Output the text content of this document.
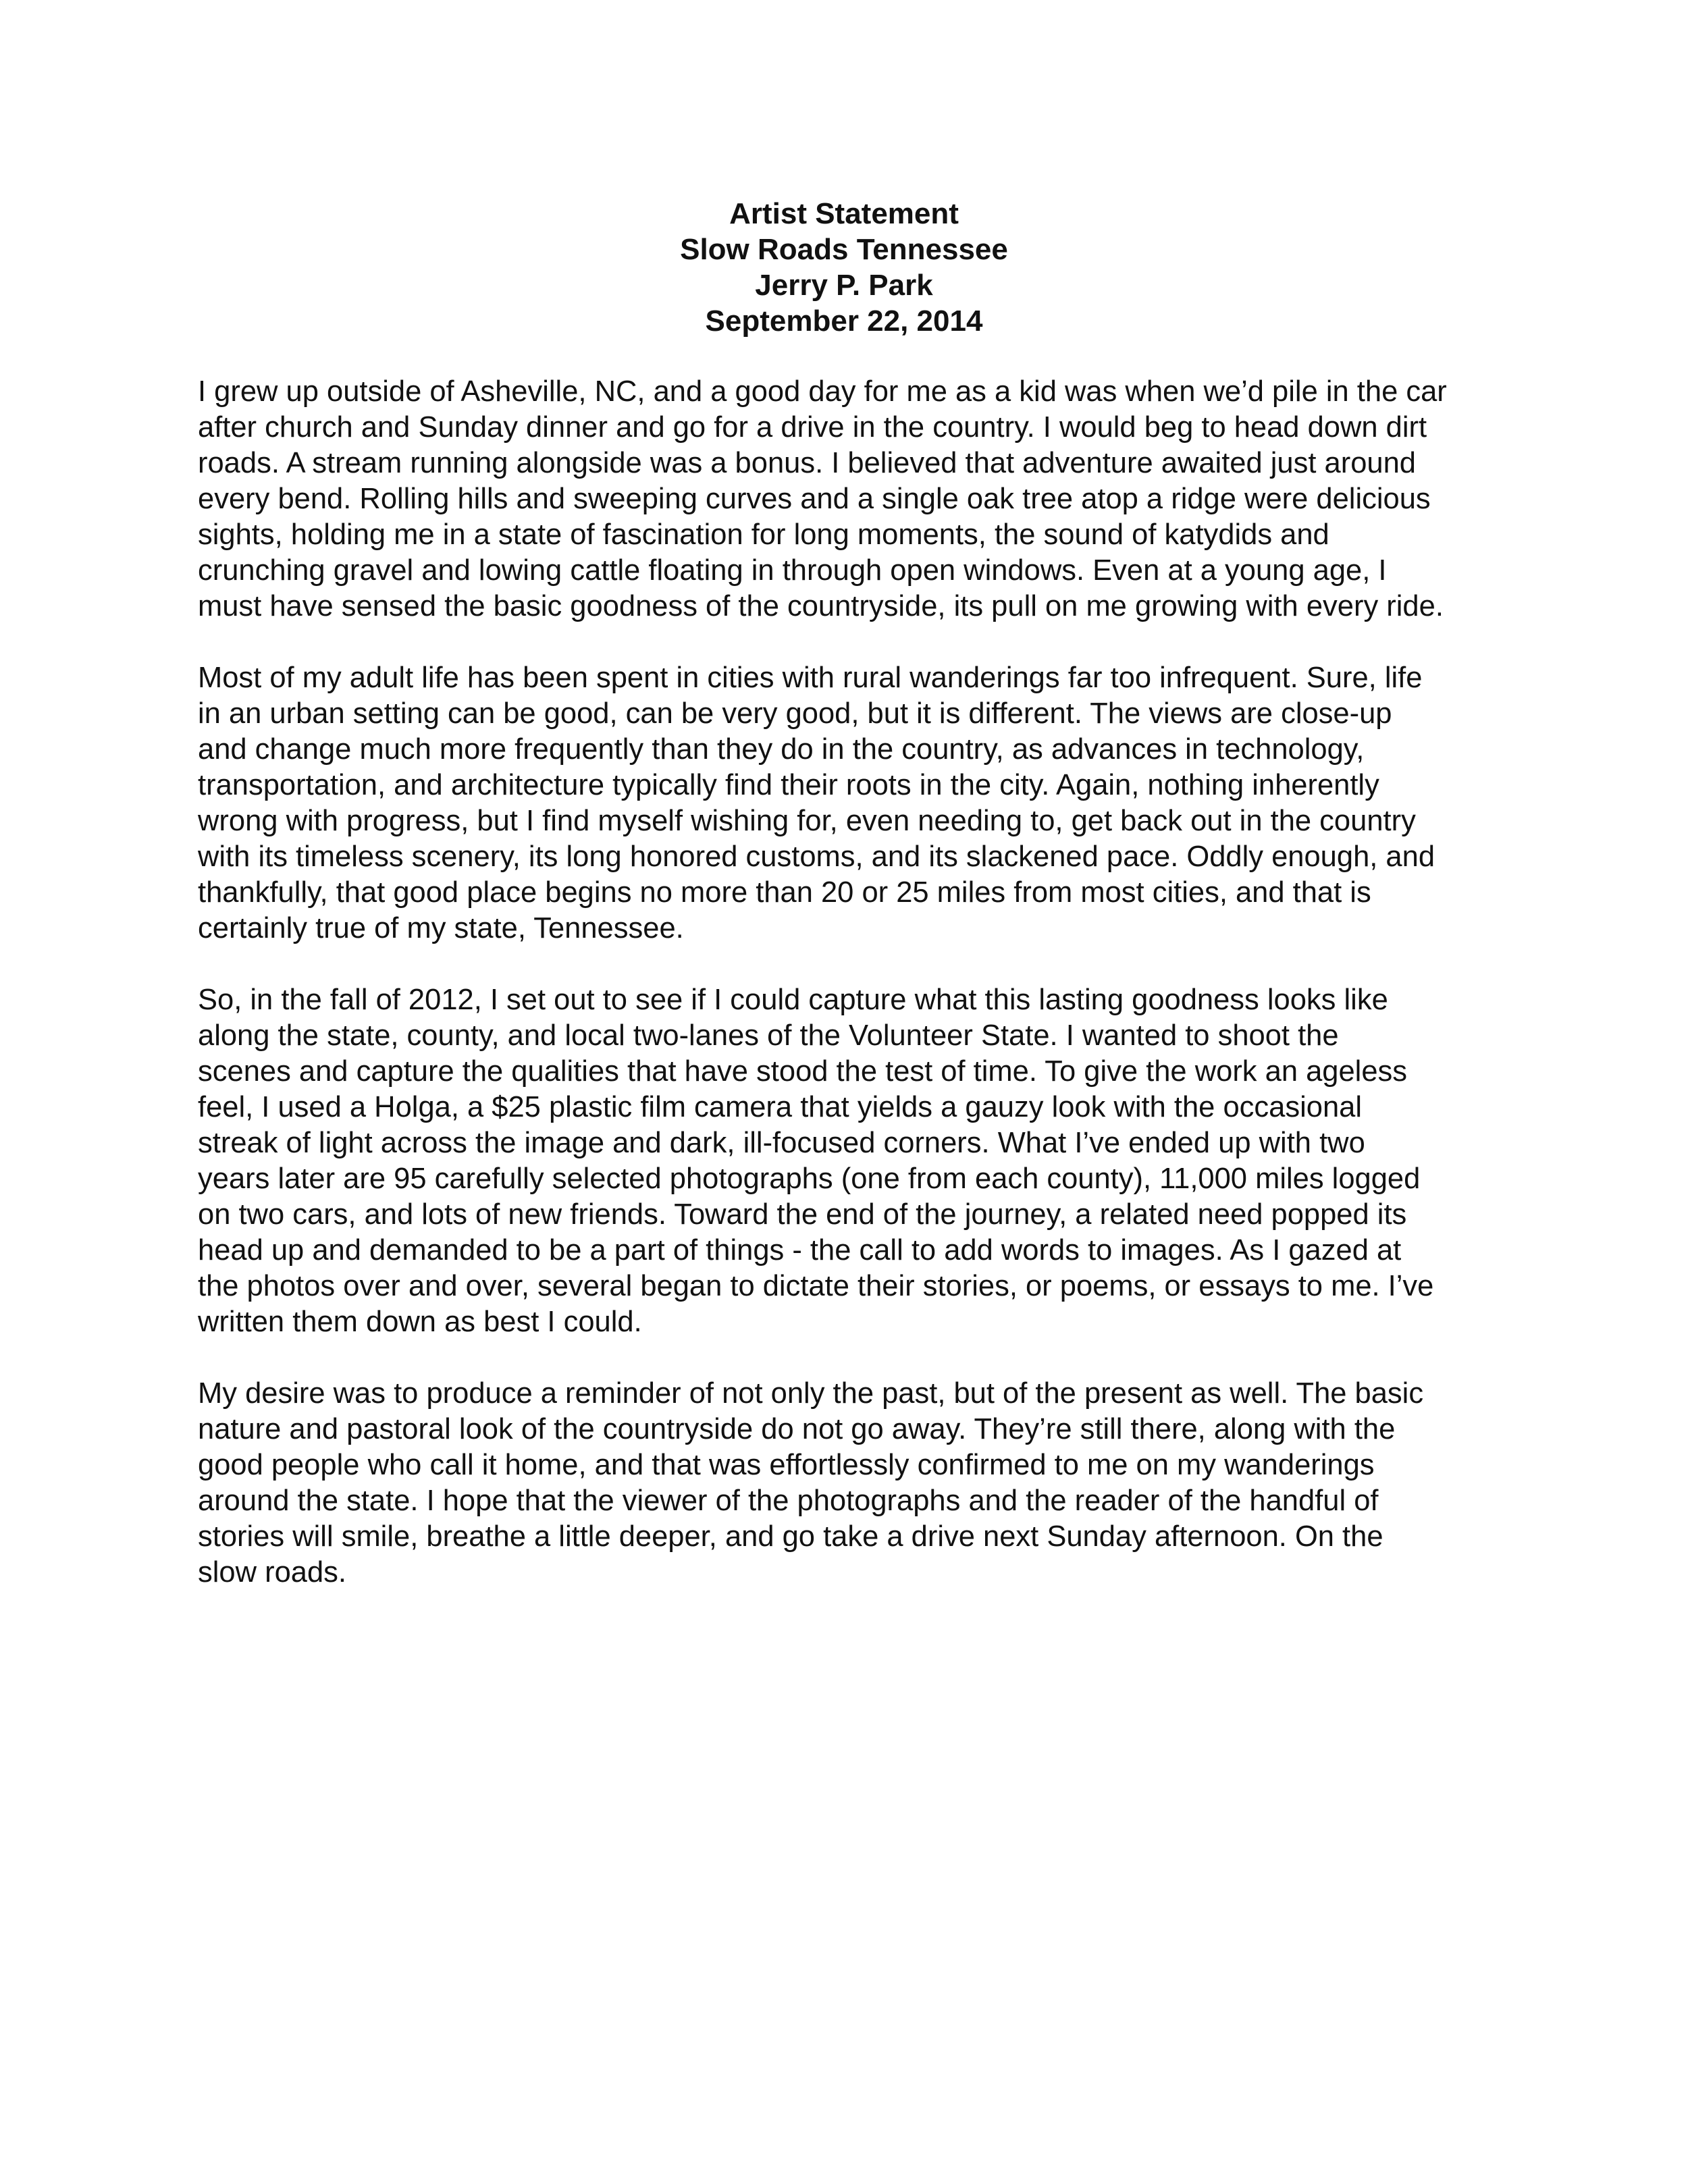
Artist Statement
Slow Roads Tennessee
Jerry P. Park
September 22, 2014

I grew up outside of Asheville, NC, and a good day for me as a kid was when we’d pile in the car
after church and Sunday dinner and go for a drive in the country. I would beg to head down dirt
roads. A stream running alongside was a bonus. I believed that adventure awaited just around
every bend. Rolling hills and sweeping curves and a single oak tree atop a ridge were delicious
sights, holding me in a state of fascination for long moments, the sound of katydids and
crunching gravel and lowing cattle floating in through open windows. Even at a young age, I
must have sensed the basic goodness of the countryside, its pull on me growing with every ride.

Most of my adult life has been spent in cities with rural wanderings far too infrequent. Sure, life
in an urban setting can be good, can be very good, but it is different. The views are close-up
and change much more frequently than they do in the country, as advances in technology,
transportation, and architecture typically find their roots in the city. Again, nothing inherently
wrong with progress, but I find myself wishing for, even needing to, get back out in the country
with its timeless scenery, its long honored customs, and its slackened pace. Oddly enough, and
thankfully, that good place begins no more than 20 or 25 miles from most cities, and that is
certainly true of my state, Tennessee.

So, in the fall of 2012, I set out to see if I could capture what this lasting goodness looks like
along the state, county, and local two-lanes of the Volunteer State. I wanted to shoot the
scenes and capture the qualities that have stood the test of time. To give the work an ageless
feel, I used a Holga, a $25 plastic film camera that yields a gauzy look with the occasional
streak of light across the image and dark, ill-focused corners. What I’ve ended up with two
years later are 95 carefully selected photographs (one from each county), 11,000 miles logged
on two cars, and lots of new friends. Toward the end of the journey, a related need popped its
head up and demanded to be a part of things - the call to add words to images. As I gazed at
the photos over and over, several began to dictate their stories, or poems, or essays to me. I’ve
written them down as best I could.

My desire was to produce a reminder of not only the past, but of the present as well. The basic
nature and pastoral look of the countryside do not go away. They’re still there, along with the
good people who call it home, and that was effortlessly confirmed to me on my wanderings
around the state. I hope that the viewer of the photographs and the reader of the handful of
stories will smile, breathe a little deeper, and go take a drive next Sunday afternoon. On the
slow roads.
